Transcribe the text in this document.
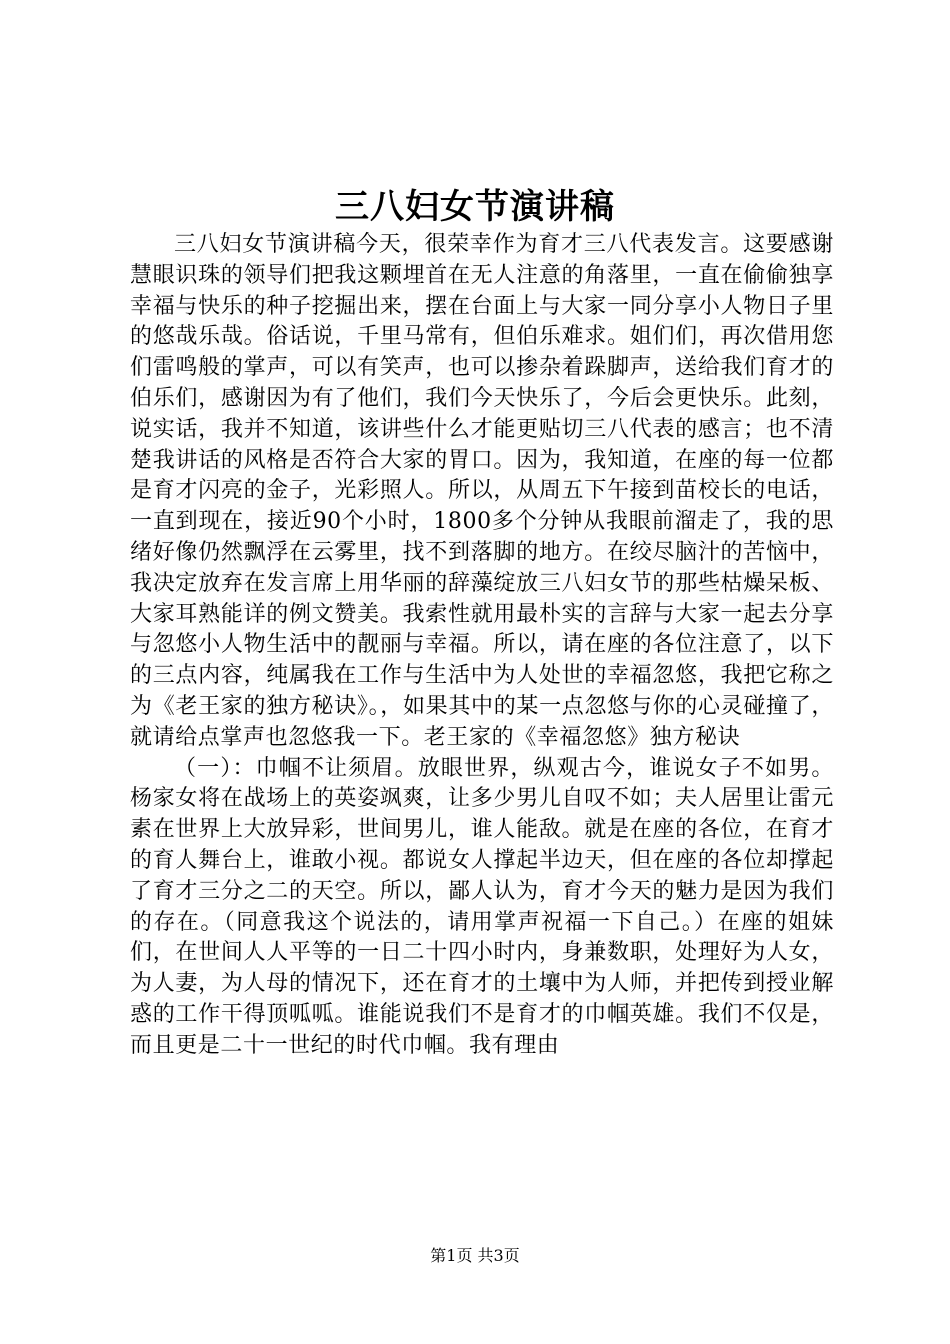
三八妇女节演讲稿

三八妇女节演讲稿今天，很荣幸作为育才三八代表发言。这要感谢慧眼识珠的领导们把我这颗埋首在无人注意的角落里，一直在偷偷独享幸福与快乐的种子挖掘出来，摆在台面上与大家一同分享小人物日子里的悠哉乐哉。俗话说，千里马常有，但伯乐难求。姐们们，再次借用您们雷鸣般的掌声，可以有笑声，也可以掺杂着跺脚声，送给我们育才的伯乐们，感谢因为有了他们，我们今天快乐了，今后会更快乐。此刻，说实话，我并不知道，该讲些什么才能更贴切三八代表的感言；也不清楚我讲话的风格是否符合大家的胃口。因为，我知道，在座的每一位都是育才闪亮的金子，光彩照人。所以，从周五下午接到苗校长的电话，一直到现在，接近90个小时，1800多个分钟从我眼前溜走了，我的思绪好像仍然飘浮在云雾里，找不到落脚的地方。在绞尽脑汁的苦恼中，我决定放弃在发言席上用华丽的辞藻绽放三八妇女节的那些枯燥呆板、大家耳熟能详的例文赞美。我索性就用最朴实的言辞与大家一起去分享与忽悠小人物生活中的靓丽与幸福。所以，请在座的各位注意了，以下的三点内容，纯属我在工作与生活中为人处世的幸福忽悠，我把它称之为《老王家的独方秘诀》。，如果其中的某一点忽悠与你的心灵碰撞了，就请给点掌声也忽悠我一下。老王家的《幸福忽悠》独方秘诀

（一）：巾帼不让须眉。放眼世界，纵观古今，谁说女子不如男。杨家女将在战场上的英姿飒爽，让多少男儿自叹不如；夫人居里让雷元素在世界上大放异彩，世间男儿，谁人能敌。就是在座的各位，在育才的育人舞台上，谁敢小视。都说女人撑起半边天，但在座的各位却撑起了育才三分之二的天空。所以，鄙人认为，育才今天的魅力是因为我们的存在。（同意我这个说法的，请用掌声祝福一下自己。）在座的姐妹们，在世间人人平等的一日二十四小时内，身兼数职，处理好为人女，为人妻，为人母的情况下，还在育才的土壤中为人师，并把传到授业解惑的工作干得顶呱呱。谁能说我们不是育才的巾帼英雄。我们不仅是，而且更是二十一世纪的时代巾帼。我有理由

第1页 共3页
